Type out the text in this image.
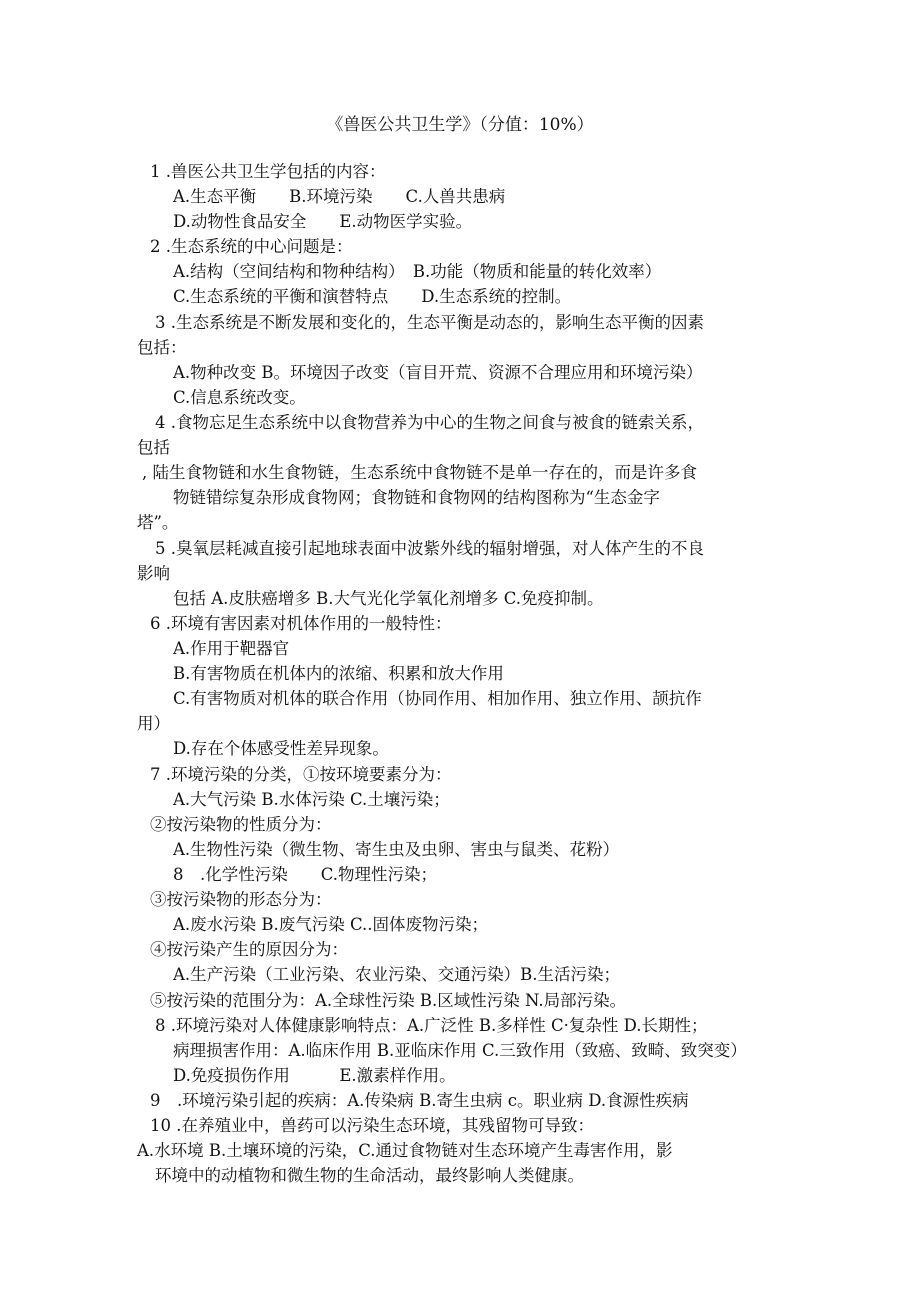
《兽医公共卫生学》（分值：10%）
1 .兽医公共卫生学包括的内容：
A.生态平衡　　B.环境污染　　C.人兽共患病
D.动物性食品安全　　E.动物医学实验。
2 .生态系统的中心问题是：
A.结构（空间结构和物种结构）　B.功能（物质和能量的转化效率）
C.生态系统的平衡和演替特点　　D.生态系统的控制。
3 .生态系统是不断发展和变化的，生态平衡是动态的，影响生态平衡的因素
包括：
A.物种改变 B。环境因子改变（盲目开荒、资源不合理应用和环境污染）
C.信息系统改变。
4 .食物忘足生态系统中以食物营养为中心的生物之间食与被食的链索关系，
包括
, 陆生食物链和水生食物链，生态系统中食物链不是单一存在的，而是许多食
物链错综复杂形成食物网；食物链和食物网的结构图称为“生态金字
塔”。
5 .臭氧层耗减直接引起地球表面中波紫外线的辐射增强，对人体产生的不良
影响
包括 A.皮肤癌增多 B.大气光化学氧化剂增多 C.免疫抑制。
6 .环境有害因素对机体作用的一般特性：
A.作用于靶器官
B.有害物质在机体内的浓缩、积累和放大作用
C.有害物质对机体的联合作用（协同作用、相加作用、独立作用、颉抗作
用）
D.存在个体感受性差异现象。
7 .环境污染的分类，①按环境要素分为：
A.大气污染 B.水体污染 C.土壤污染；
②按污染物的性质分为：
A.生物性污染（微生物、寄生虫及虫卵、害虫与鼠类、花粉）
8　.化学性污染　　C.物理性污染；
③按污染物的形态分为：
A.废水污染 B.废气污染 C..固体废物污染；
④按污染产生的原因分为：
A.生产污染（工业污染、农业污染、交通污染）B.生活污染；
⑤按污染的范围分为：A.全球性污染 B.区域性污染 N.局部污染。
8 .环境污染对人体健康影响特点：A.广泛性 B.多样性 C·复杂性 D.长期性；
病理损害作用：A.临床作用 B.亚临床作用 C.三致作用（致癌、致畸、致突变）
D.免疫损伤作用　　　E.激素样作用。
9　.环境污染引起的疾病：A.传染病 B.寄生虫病 c。职业病 D.食源性疾病
10 .在养殖业中，兽药可以污染生态环境，其残留物可导致：
A.水环境 B.土壤环境的污染，C.通过食物链对生态环境产生毒害作用，影
环境中的动植物和微生物的生命活动，最终影响人类健康。
